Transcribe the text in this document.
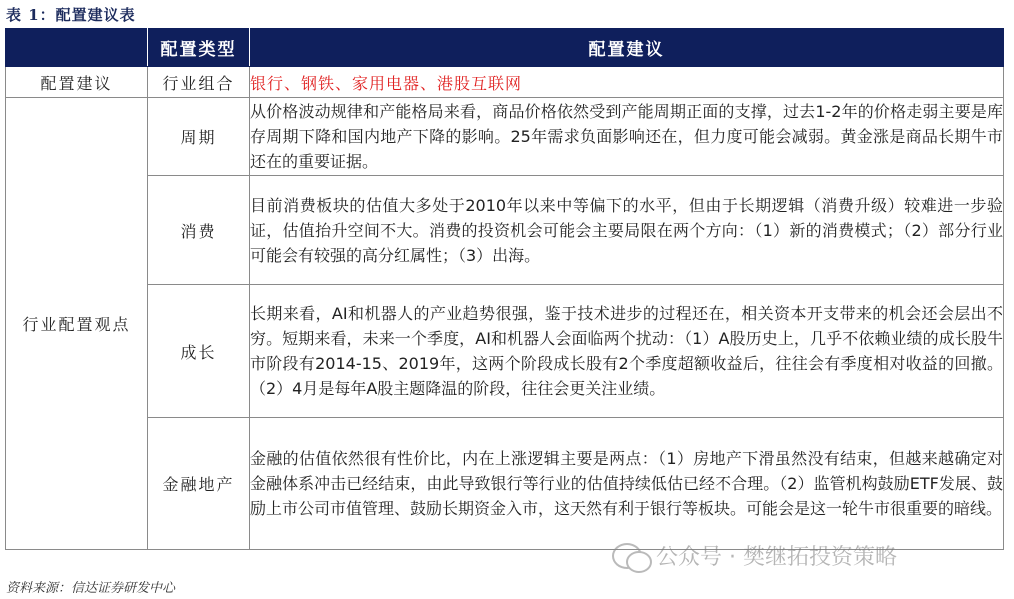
表 1：配置建议表
	配置类型	配置建议
配置建议	行业组合	银行、钢铁、家用电器、港股互联网
行业配置观点	周期	从价格波动规律和产能格局来看，商品价格依然受到产能周期正面的支撑，过去1-2年的价格走弱主要是库存周期下降和国内地产下降的影响。25年需求负面影响还在，但力度可能会减弱。黄金涨是商品长期牛市还在的重要证据。
	消费	目前消费板块的估值大多处于2010年以来中等偏下的水平，但由于长期逻辑（消费升级）较难进一步验证，估值抬升空间不大。消费的投资机会可能会主要局限在两个方向：（1）新的消费模式；（2）部分行业可能会有较强的高分红属性；（3）出海。
	成长	长期来看，AI和机器人的产业趋势很强，鉴于技术进步的过程还在，相关资本开支带来的机会还会层出不穷。短期来看，未来一个季度，AI和机器人会面临两个扰动：（1）A股历史上，几乎不依赖业绩的成长股牛市阶段有2014-15、2019年，这两个阶段成长股有2个季度超额收益后，往往会有季度相对收益的回撤。（2）4月是每年A股主题降温的阶段，往往会更关注业绩。
	金融地产	金融的估值依然很有性价比，内在上涨逻辑主要是两点：（1）房地产下滑虽然没有结束，但越来越确定对金融体系冲击已经结束，由此导致银行等行业的估值持续低估已经不合理。（2）监管机构鼓励ETF发展、鼓励上市公司市值管理、鼓励长期资金入市，这天然有利于银行等板块。可能会是这一轮牛市很重要的暗线。
公众号 · 樊继拓投资策略
资料来源：信达证券研发中心
